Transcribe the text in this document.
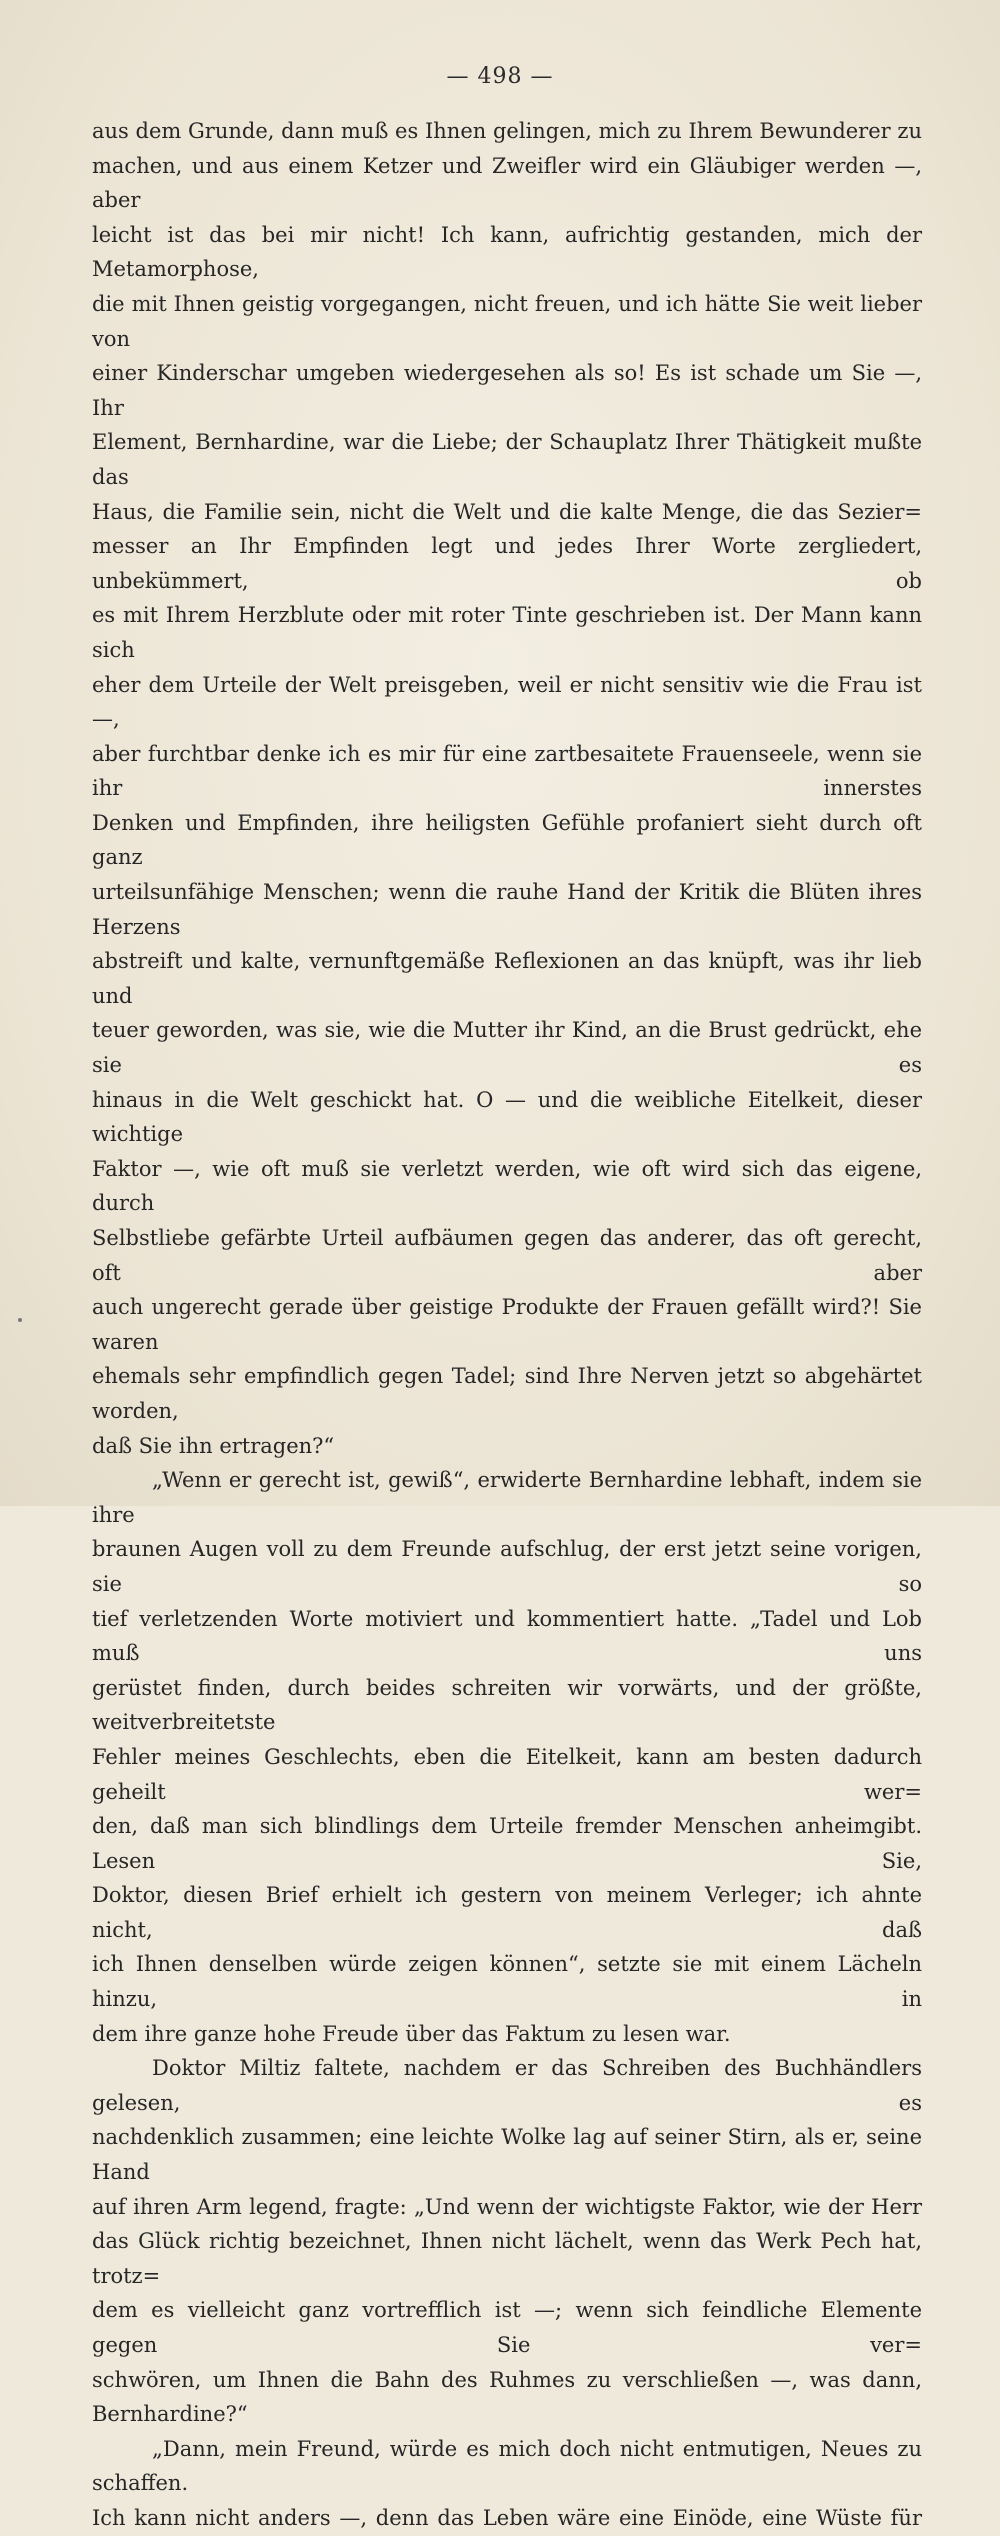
— 498 —

aus dem Grunde, dann muß es Ihnen gelingen, mich zu Ihrem Bewunderer zu

machen, und aus einem Ketzer und Zweifler wird ein Gläubiger werden —, aber

leicht ist das bei mir nicht! Ich kann, aufrichtig gestanden, mich der Metamorphose,

die mit Ihnen geistig vorgegangen, nicht freuen, und ich hätte Sie weit lieber von

einer Kinderschar umgeben wiedergesehen als so! Es ist schade um Sie —, Ihr

Element, Bernhardine, war die Liebe; der Schauplatz Ihrer Thätigkeit mußte das

Haus, die Familie sein, nicht die Welt und die kalte Menge, die das Sezier=

messer an Ihr Empfinden legt und jedes Ihrer Worte zergliedert, unbekümmert, ob

es mit Ihrem Herzblute oder mit roter Tinte geschrieben ist. Der Mann kann sich

eher dem Urteile der Welt preisgeben, weil er nicht sensitiv wie die Frau ist —,

aber furchtbar denke ich es mir für eine zartbesaitete Frauenseele, wenn sie ihr innerstes

Denken und Empfinden, ihre heiligsten Gefühle profaniert sieht durch oft ganz

urteilsunfähige Menschen; wenn die rauhe Hand der Kritik die Blüten ihres Herzens

abstreift und kalte, vernunftgemäße Reflexionen an das knüpft, was ihr lieb und

teuer geworden, was sie, wie die Mutter ihr Kind, an die Brust gedrückt, ehe sie es

hinaus in die Welt geschickt hat. O — und die weibliche Eitelkeit, dieser wichtige

Faktor —, wie oft muß sie verletzt werden, wie oft wird sich das eigene, durch

Selbstliebe gefärbte Urteil aufbäumen gegen das anderer, das oft gerecht, oft aber

auch ungerecht gerade über geistige Produkte der Frauen gefällt wird?! Sie waren

ehemals sehr empfindlich gegen Tadel; sind Ihre Nerven jetzt so abgehärtet worden,

daß Sie ihn ertragen?“

„Wenn er gerecht ist, gewiß“, erwiderte Bernhardine lebhaft, indem sie ihre

braunen Augen voll zu dem Freunde aufschlug, der erst jetzt seine vorigen, sie so

tief verletzenden Worte motiviert und kommentiert hatte. „Tadel und Lob muß uns

gerüstet finden, durch beides schreiten wir vorwärts, und der größte, weitverbreitetste

Fehler meines Geschlechts, eben die Eitelkeit, kann am besten dadurch geheilt wer=

den, daß man sich blindlings dem Urteile fremder Menschen anheimgibt. Lesen Sie,

Doktor, diesen Brief erhielt ich gestern von meinem Verleger; ich ahnte nicht, daß

ich Ihnen denselben würde zeigen können“, setzte sie mit einem Lächeln hinzu, in

dem ihre ganze hohe Freude über das Faktum zu lesen war.

Doktor Miltiz faltete, nachdem er das Schreiben des Buchhändlers gelesen, es

nachdenklich zusammen; eine leichte Wolke lag auf seiner Stirn, als er, seine Hand

auf ihren Arm legend, fragte: „Und wenn der wichtigste Faktor, wie der Herr

das Glück richtig bezeichnet, Ihnen nicht lächelt, wenn das Werk Pech hat, trotz=

dem es vielleicht ganz vortrefflich ist —; wenn sich feindliche Elemente gegen Sie ver=

schwören, um Ihnen die Bahn des Ruhmes zu verschließen —, was dann, Bernhardine?“

„Dann, mein Freund, würde es mich doch nicht entmutigen, Neues zu schaffen.

Ich kann nicht anders —, denn das Leben wäre eine Einöde, eine Wüste für
